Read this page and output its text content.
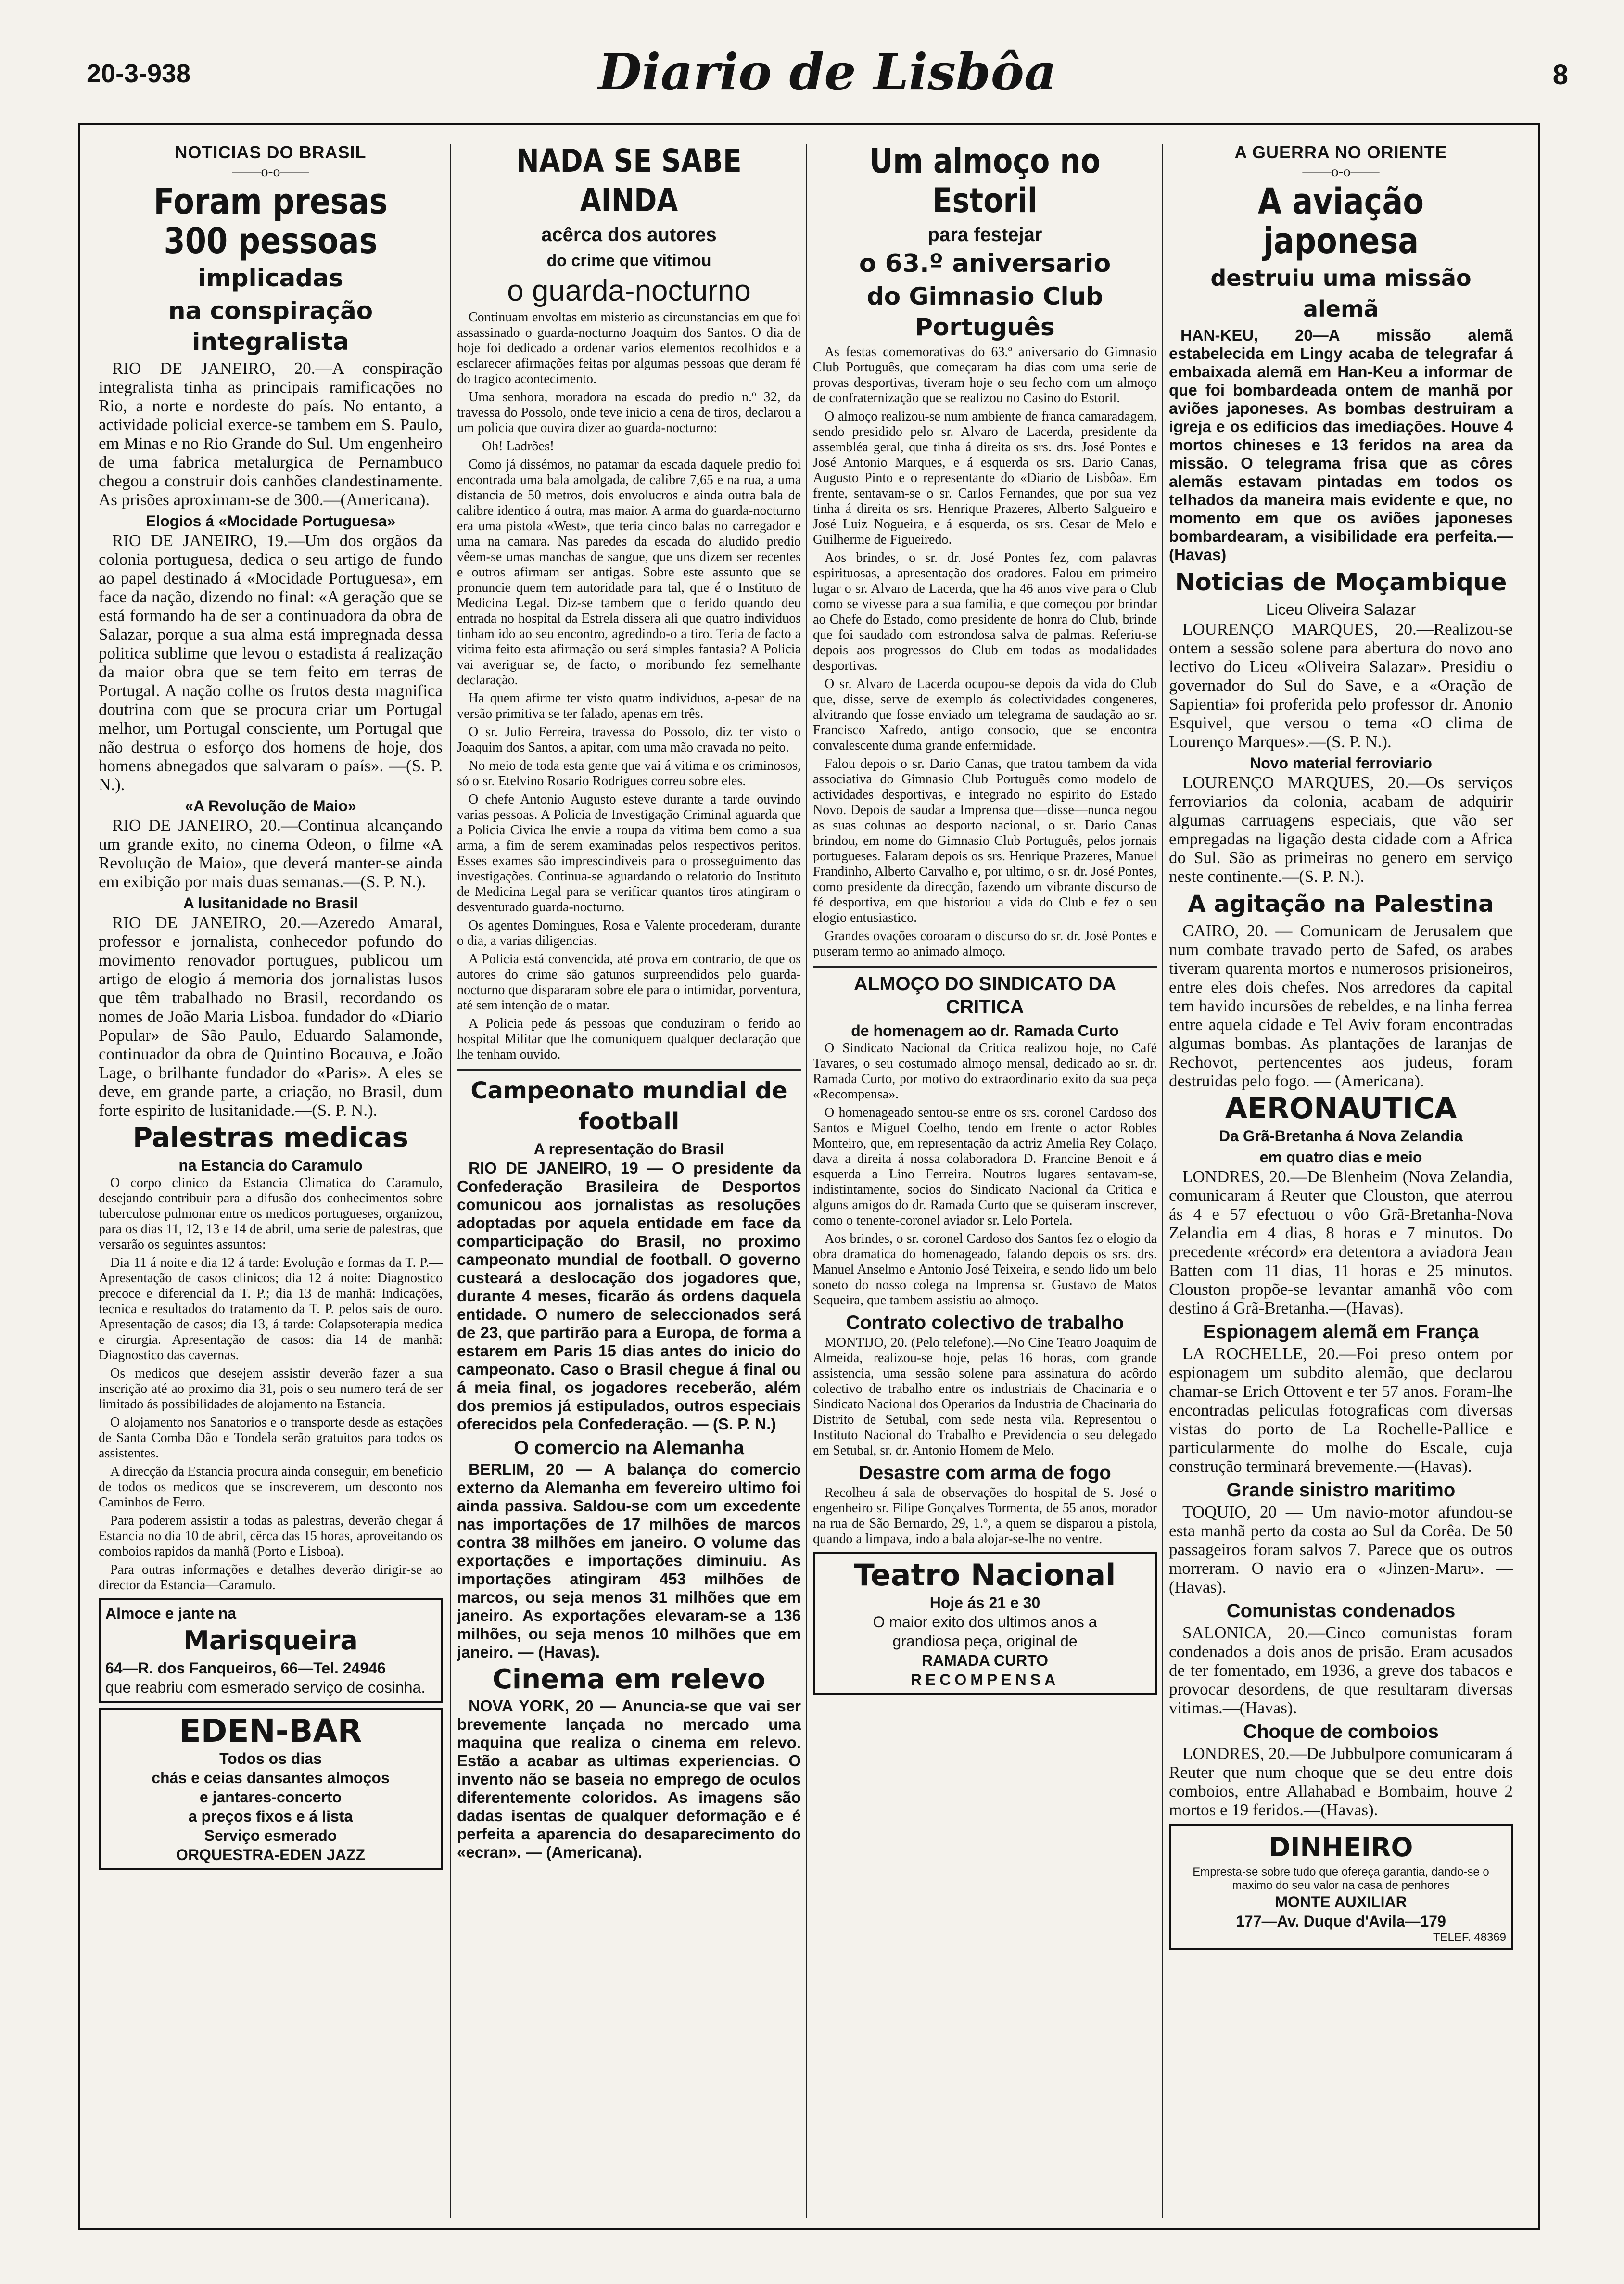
20-3-938	Diario de Lisbôa	8
NOTICIAS DO BRASIL
——o-o——
Foram presas 300 pessoas
implicadas
na conspiração integralista

RIO DE JANEIRO, 20.—A conspiração integralista tinha as principais ramificações no Rio, a norte e nordeste do país. No entanto, a actividade policial exerce-se tambem em S. Paulo, em Minas e no Rio Grande do Sul. Um engenheiro de uma fabrica metalurgica de Pernambuco chegou a construir dois canhões clandestinamente. As prisões aproximam-se de 300.—(Americana).

Elogios á «Mocidade Portuguesa»

RIO DE JANEIRO, 19.—Um dos orgãos da colonia portuguesa, dedica o seu artigo de fundo ao papel destinado á «Mocidade Portuguesa», em face da nação, dizendo no final: «A geração que se está formando ha de ser a continuadora da obra de Salazar, porque a sua alma está impregnada dessa politica sublime que levou o estadista á realização da maior obra que se tem feito em terras de Portugal. A nação colhe os frutos desta magnifica doutrina com que se procura criar um Portugal melhor, um Portugal consciente, um Portugal que não destrua o esforço dos homens de hoje, dos homens abnegados que salvaram o país». —(S. P. N.).

«A Revolução de Maio»

RIO DE JANEIRO, 20.—Continua alcançando um grande exito, no cinema Odeon, o filme «A Revolução de Maio», que deverá manter-se ainda em exibição por mais duas semanas.—(S. P. N.).

A lusitanidade no Brasil

RIO DE JANEIRO, 20.—Azeredo Amaral, professor e jornalista, conhecedor pofundo do movimento renovador portugues, publicou um artigo de elogio á memoria dos jornalistas lusos que têm trabalhado no Brasil, recordando os nomes de João Maria Lisboa. fundador do «Diario Popular» de São Paulo, Eduardo Salamonde, continuador da obra de Quintino Bocauva, e João Lage, o brilhante fundador do «Paris». A eles se deve, em grande parte, a criação, no Brasil, dum forte espirito de lusitanidade.—(S. P. N.).

Palestras medicas
na Estancia do Caramulo

O corpo clinico da Estancia Climatica do Caramulo, desejando contribuir para a difusão dos conhecimentos sobre tuberculose pulmonar entre os medicos portugueses, organizou, para os dias 11, 12, 13 e 14 de abril, uma serie de palestras, que versarão os seguintes assuntos:

Dia 11 á noite e dia 12 á tarde: Evolução e formas da T. P.—Apresentação de casos clinicos; dia 12 á noite: Diagnostico precoce e diferencial da T. P.; dia 13 de manhã: Indicações, tecnica e resultados do tratamento da T. P. pelos sais de ouro. Apresentação de casos; dia 13, á tarde: Colapsoterapia medica e cirurgia. Apresentação de casos: dia 14 de manhã: Diagnostico das cavernas.

Os medicos que desejem assistir deverão fazer a sua inscrição até ao proximo dia 31, pois o seu numero terá de ser limitado ás possibilidades de alojamento na Estancia.

O alojamento nos Sanatorios e o transporte desde as estações de Santa Comba Dão e Tondela serão gratuitos para todos os assistentes.

A direcção da Estancia procura ainda conseguir, em beneficio de todos os medicos que se inscreverem, um desconto nos Caminhos de Ferro.

Para poderem assistir a todas as palestras, deverão chegar á Estancia no dia 10 de abril, cêrca das 15 horas, aproveitando os comboios rapidos da manhã (Porto e Lisboa).

Para outras informações e detalhes deverão dirigir-se ao director da Estancia—Caramulo.

Almoce e jante na
Marisqueira
64—R. dos Fanqueiros, 66—Tel. 24946
que reabriu com esmerado serviço de cosinha.
EDEN-BAR
Todos os dias
chás e ceias dansantes almoços
e jantares-concerto
a preços fixos e á lista
Serviço esmerado
ORQUESTRA-EDEN JAZZ
NADA SE SABE AINDA
acêrca dos autores
do crime que vitimou
o guarda-nocturno

Continuam envoltas em misterio as circunstancias em que foi assassinado o guarda-nocturno Joaquim dos Santos. O dia de hoje foi dedicado a ordenar varios elementos recolhidos e a esclarecer afirmações feitas por algumas pessoas que deram fé do tragico acontecimento.

Uma senhora, moradora na escada do predio n.º 32, da travessa do Possolo, onde teve inicio a cena de tiros, declarou a um policia que ouvira dizer ao guarda-nocturno:

—Oh! Ladrões!

Como já dissémos, no patamar da escada daquele predio foi encontrada uma bala amolgada, de calibre 7,65 e na rua, a uma distancia de 50 metros, dois envolucros e ainda outra bala de calibre identico á outra, mas maior. A arma do guarda-nocturno era uma pistola «West», que teria cinco balas no carregador e uma na camara. Nas paredes da escada do aludido predio vêem-se umas manchas de sangue, que uns dizem ser recentes e outros afirmam ser antigas. Sobre este assunto que se pronuncie quem tem autoridade para tal, que é o Instituto de Medicina Legal. Diz-se tambem que o ferido quando deu entrada no hospital da Estrela dissera ali que quatro individuos tinham ido ao seu encontro, agredindo-o a tiro. Teria de facto a vitima feito esta afirmação ou será simples fantasia? A Policia vai averiguar se, de facto, o moribundo fez semelhante declaração.

Ha quem afirme ter visto quatro individuos, a-pesar de na versão primitiva se ter falado, apenas em três.

O sr. Julio Ferreira, travessa do Possolo, diz ter visto o Joaquim dos Santos, a apitar, com uma mão cravada no peito.

No meio de toda esta gente que vai á vitima e os criminosos, só o sr. Etelvino Rosario Rodrigues correu sobre eles.

O chefe Antonio Augusto esteve durante a tarde ouvindo varias pessoas. A Policia de Investigação Criminal aguarda que a Policia Civica lhe envie a roupa da vitima bem como a sua arma, a fim de serem examinadas pelos respectivos peritos. Esses exames são imprescindiveis para o prosseguimento das investigações. Continua-se aguardando o relatorio do Instituto de Medicina Legal para se verificar quantos tiros atingiram o desventurado guarda-nocturno.

Os agentes Domingues, Rosa e Valente procederam, durante o dia, a varias diligencias.

A Policia está convencida, até prova em contrario, de que os autores do crime são gatunos surpreendidos pelo guarda-nocturno que dispararam sobre ele para o intimidar, porventura, até sem intenção de o matar.

A Policia pede ás pessoas que conduziram o ferido ao hospital Militar que lhe comuniquem qualquer declaração que lhe tenham ouvido.

Campeonato mundial de football
A representação do Brasil

RIO DE JANEIRO, 19 — O presidente da Confederação Brasileira de Desportos comunicou aos jornalistas as resoluções adoptadas por aquela entidade em face da comparticipação do Brasil, no proximo campeonato mundial de football. O governo custeará a deslocação dos jogadores que, durante 4 meses, ficarão ás ordens daquela entidade. O numero de seleccionados será de 23, que partirão para a Europa, de forma a estarem em Paris 15 dias antes do inicio do campeonato. Caso o Brasil chegue á final ou á meia final, os jogadores receberão, além dos premios já estipulados, outros especiais oferecidos pela Confederação. — (S. P. N.)

O comercio na Alemanha

BERLIM, 20 — A balança do comercio externo da Alemanha em fevereiro ultimo foi ainda passiva. Saldou-se com um excedente nas importações de 17 milhões de marcos contra 38 milhões em janeiro. O volume das exportações e importações diminuiu. As importações atingiram 453 milhões de marcos, ou seja menos 31 milhões que em janeiro. As exportações elevaram-se a 136 milhões, ou seja menos 10 milhões que em janeiro. — (Havas).

Cinema em relevo

NOVA YORK, 20 — Anuncia-se que vai ser brevemente lançada no mercado uma maquina que realiza o cinema em relevo. Estão a acabar as ultimas experiencias. O invento não se baseia no emprego de oculos diferentemente coloridos. As imagens são dadas isentas de qualquer deformação e é perfeita a aparencia do desaparecimento do «ecran». — (Americana).

Um almoço no Estoril
para festejar
o 63.º aniversario
do Gimnasio Club Português

As festas comemorativas do 63.º aniversario do Gimnasio Club Português, que começaram ha dias com uma serie de provas desportivas, tiveram hoje o seu fecho com um almoço de confraternização que se realizou no Casino do Estoril.

O almoço realizou-se num ambiente de franca camaradagem, sendo presidido pelo sr. Alvaro de Lacerda, presidente da assembléa geral, que tinha á direita os srs. drs. José Pontes e José Antonio Marques, e á esquerda os srs. Dario Canas, Augusto Pinto e o representante do «Diario de Lisbôa». Em frente, sentavam-se o sr. Carlos Fernandes, que por sua vez tinha á direita os srs. Henrique Prazeres, Alberto Salgueiro e José Luiz Nogueira, e á esquerda, os srs. Cesar de Melo e Guilherme de Figueiredo.

Aos brindes, o sr. dr. José Pontes fez, com palavras espirituosas, a apresentação dos oradores. Falou em primeiro lugar o sr. Alvaro de Lacerda, que ha 46 anos vive para o Club como se vivesse para a sua familia, e que começou por brindar ao Chefe do Estado, como presidente de honra do Club, brinde que foi saudado com estrondosa salva de palmas. Referiu-se depois aos progressos do Club em todas as modalidades desportivas.

O sr. Alvaro de Lacerda ocupou-se depois da vida do Club que, disse, serve de exemplo ás colectividades congeneres, alvitrando que fosse enviado um telegrama de saudação ao sr. Francisco Xafredo, antigo consocio, que se encontra convalescente duma grande enfermidade.

Falou depois o sr. Dario Canas, que tratou tambem da vida associativa do Gimnasio Club Português como modelo de actividades desportivas, e integrado no espirito do Estado Novo. Depois de saudar a Imprensa que—disse—nunca negou as suas colunas ao desporto nacional, o sr. Dario Canas brindou, em nome do Gimnasio Club Português, pelos jornais portugueses. Falaram depois os srs. Henrique Prazeres, Manuel Frandinho, Alberto Carvalho e, por ultimo, o sr. dr. José Pontes, como presidente da direcção, fazendo um vibrante discurso de fé desportiva, em que historiou a vida do Club e fez o seu elogio entusiastico.

Grandes ovações coroaram o discurso do sr. dr. José Pontes e puseram termo ao animado almoço.

ALMOÇO DO SINDICATO DA CRITICA
de homenagem ao dr. Ramada Curto

O Sindicato Nacional da Critica realizou hoje, no Café Tavares, o seu costumado almoço mensal, dedicado ao sr. dr. Ramada Curto, por motivo do extraordinario exito da sua peça «Recompensa».

O homenageado sentou-se entre os srs. coronel Cardoso dos Santos e Miguel Coelho, tendo em frente o actor Robles Monteiro, que, em representação da actriz Amelia Rey Colaço, dava a direita á nossa colaboradora D. Francine Benoit e á esquerda a Lino Ferreira. Noutros lugares sentavam-se, indistintamente, socios do Sindicato Nacional da Critica e alguns amigos do dr. Ramada Curto que se quiseram inscrever, como o tenente-coronel aviador sr. Lelo Portela.

Aos brindes, o sr. coronel Cardoso dos Santos fez o elogio da obra dramatica do homenageado, falando depois os srs. drs. Manuel Anselmo e Antonio José Teixeira, e sendo lido um belo soneto do nosso colega na Imprensa sr. Gustavo de Matos Sequeira, que tambem assistiu ao almoço.

Contrato colectivo de trabalho

MONTIJO, 20. (Pelo telefone).—No Cine Teatro Joaquim de Almeida, realizou-se hoje, pelas 16 horas, com grande assistencia, uma sessão solene para assinatura do acôrdo colectivo de trabalho entre os industriais de Chacinaria e o Sindicato Nacional dos Operarios da Industria de Chacinaria do Distrito de Setubal, com sede nesta vila. Representou o Instituto Nacional do Trabalho e Previdencia o seu delegado em Setubal, sr. dr. Antonio Homem de Melo.

Desastre com arma de fogo

Recolheu á sala de observações do hospital de S. José o engenheiro sr. Filipe Gonçalves Tormenta, de 55 anos, morador na rua de São Bernardo, 29, 1.º, a quem se disparou a pistola, quando a limpava, indo a bala alojar-se-lhe no ventre.

Teatro Nacional
Hoje ás 21 e 30
O maior exito dos ultimos anos a
grandiosa peça, original de
RAMADA CURTO
RECOMPENSA
A GUERRA NO ORIENTE
——o-o——
A aviação japonesa
destruiu uma missão alemã

HAN-KEU, 20—A missão alemã estabelecida em Lingy acaba de telegrafar á embaixada alemã em Han-Keu a informar de que foi bombardeada ontem de manhã por aviões japoneses. As bombas destruiram a igreja e os edificios das imediações. Houve 4 mortos chineses e 13 feridos na area da missão. O telegrama frisa que as côres alemãs estavam pintadas em todos os telhados da maneira mais evidente e que, no momento em que os aviões japoneses bombardearam, a visibilidade era perfeita.—(Havas)

Noticias de Moçambique
Liceu Oliveira Salazar

LOURENÇO MARQUES, 20.—Realizou-se ontem a sessão solene para abertura do novo ano lectivo do Liceu «Oliveira Salazar». Presidiu o governador do Sul do Save, e a «Oração de Sapientia» foi proferida pelo professor dr. Anonio Esquivel, que versou o tema «O clima de Lourenço Marques».—(S. P. N.).

Novo material ferroviario

LOURENÇO MARQUES, 20.—Os serviços ferroviarios da colonia, acabam de adquirir algumas carruagens especiais, que vão ser empregadas na ligação desta cidade com a Africa do Sul. São as primeiras no genero em serviço neste continente.—(S. P. N.).

A agitação na Palestina

CAIRO, 20. — Comunicam de Jerusalem que num combate travado perto de Safed, os arabes tiveram quarenta mortos e numerosos prisioneiros, entre eles dois chefes. Nos arredores da capital tem havido incursões de rebeldes, e na linha ferrea entre aquela cidade e Tel Aviv foram encontradas algumas bombas. As plantações de laranjas de Rechovot, pertencentes aos judeus, foram destruidas pelo fogo. — (Americana).

AERONAUTICA
Da Grã-Bretanha á Nova Zelandia
em quatro dias e meio

LONDRES, 20.—De Blenheim (Nova Zelandia, comunicaram á Reuter que Clouston, que aterrou ás 4 e 57 efectuou o vôo Grã-Bretanha-Nova Zelandia em 4 dias, 8 horas e 7 minutos. Do precedente «récord» era detentora a aviadora Jean Batten com 11 dias, 11 horas e 25 minutos. Clouston propõe-se levantar amanhã vôo com destino á Grã-Bretanha.—(Havas).

Espionagem alemã em França

LA ROCHELLE, 20.—Foi preso ontem por espionagem um subdito alemão, que declarou chamar-se Erich Ottovent e ter 57 anos. Foram-lhe encontradas peliculas fotograficas com diversas vistas do porto de La Rochelle-Pallice e particularmente do molhe do Escale, cuja construção terminará brevemente.—(Havas).

Grande sinistro maritimo

TOQUIO, 20 — Um navio-motor afundou-se esta manhã perto da costa ao Sul da Corêa. De 50 passageiros foram salvos 7. Parece que os outros morreram. O navio era o «Jinzen-Maru». — (Havas).

Comunistas condenados

SALONICA, 20.—Cinco comunistas foram condenados a dois anos de prisão. Eram acusados de ter fomentado, em 1936, a greve dos tabacos e provocar desordens, de que resultaram diversas vitimas.—(Havas).

Choque de comboios

LONDRES, 20.—De Jubbulpore comunicaram á Reuter que num choque que se deu entre dois comboios, entre Allahabad e Bombaim, houve 2 mortos e 19 feridos.—(Havas).

DINHEIRO
Empresta-se sobre tudo que ofereça garantia, dando-se o maximo do seu valor na casa de penhores
MONTE AUXILIAR
177—Av. Duque d'Avila—179
TELEF. 48369
